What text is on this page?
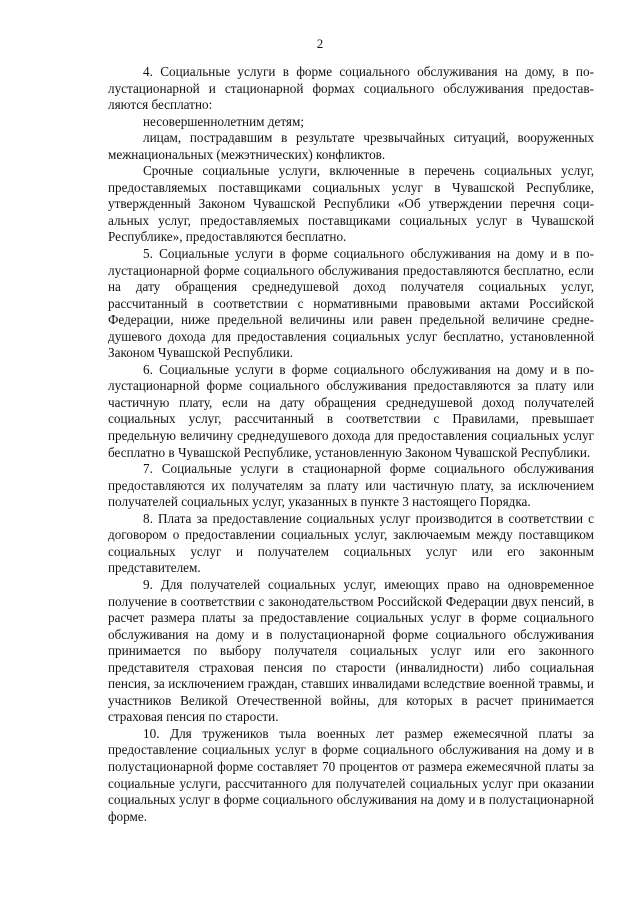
2

4. Социальные услуги в форме социального обслуживания на дому, в полустационарной и стационарной формах социального обслуживания предоставляются бесплатно:

несовершеннолетним детям;

лицам, пострадавшим в результате чрезвычайных ситуаций, вооруженных межнациональных (межэтнических) конфликтов.

Срочные социальные услуги, включенные в перечень социальных услуг, предоставляемых поставщиками социальных услуг в Чувашской Республике, утвержденный Законом Чувашской Республики «Об утверждении перечня социальных услуг, предоставляемых поставщиками социальных услуг в Чувашской Республике», предоставляются бесплатно.

5. Социальные услуги в форме социального обслуживания на дому и в полустационарной форме социального обслуживания предоставляются бесплатно, если на дату обращения среднедушевой доход получателя социальных услуг, рассчитанный в соответствии с нормативными правовыми актами Российской Федерации, ниже предельной величины или равен предельной величине среднедушевого дохода для предоставления социальных услуг бесплатно, установленной Законом Чувашской Республики.

6. Социальные услуги в форме социального обслуживания на дому и в полустационарной форме социального обслуживания предоставляются за плату или частичную плату, если на дату обращения среднедушевой доход получателей социальных услуг, рассчитанный в соответствии с Правилами, превышает предельную величину среднедушевого дохода для предоставления социальных услуг бесплатно в Чувашской Республике, установленную Законом Чувашской Республики.

7. Социальные услуги в стационарной форме социального обслуживания предоставляются их получателям за плату или частичную плату, за исключением получателей социальных услуг, указанных в пункте 3 настоящего Порядка.

8. Плата за предоставление социальных услуг производится в соответствии с договором о предоставлении социальных услуг, заключаемым между поставщиком социальных услуг и получателем социальных услуг или его законным представителем.

9. Для получателей социальных услуг, имеющих право на одновременное получение в соответствии с законодательством Российской Федерации двух пенсий, в расчет размера платы за предоставление социальных услуг в форме социального обслуживания на дому и в полустационарной форме социального обслуживания принимается по выбору получателя социальных услуг или его законного представителя страховая пенсия по старости (инвалидности) либо социальная пенсия, за исключением граждан, ставших инвалидами вследствие военной травмы, и участников Великой Отечественной войны, для которых в расчет принимается страховая пенсия по старости.

10. Для тружеников тыла военных лет размер ежемесячной платы за предоставление социальных услуг в форме социального обслуживания на дому и в полустационарной форме составляет 70 процентов от размера ежемесячной платы за социальные услуги, рассчитанного для получателей социальных услуг при оказании социальных услуг в форме социального обслуживания на дому и в полустационарной форме.
